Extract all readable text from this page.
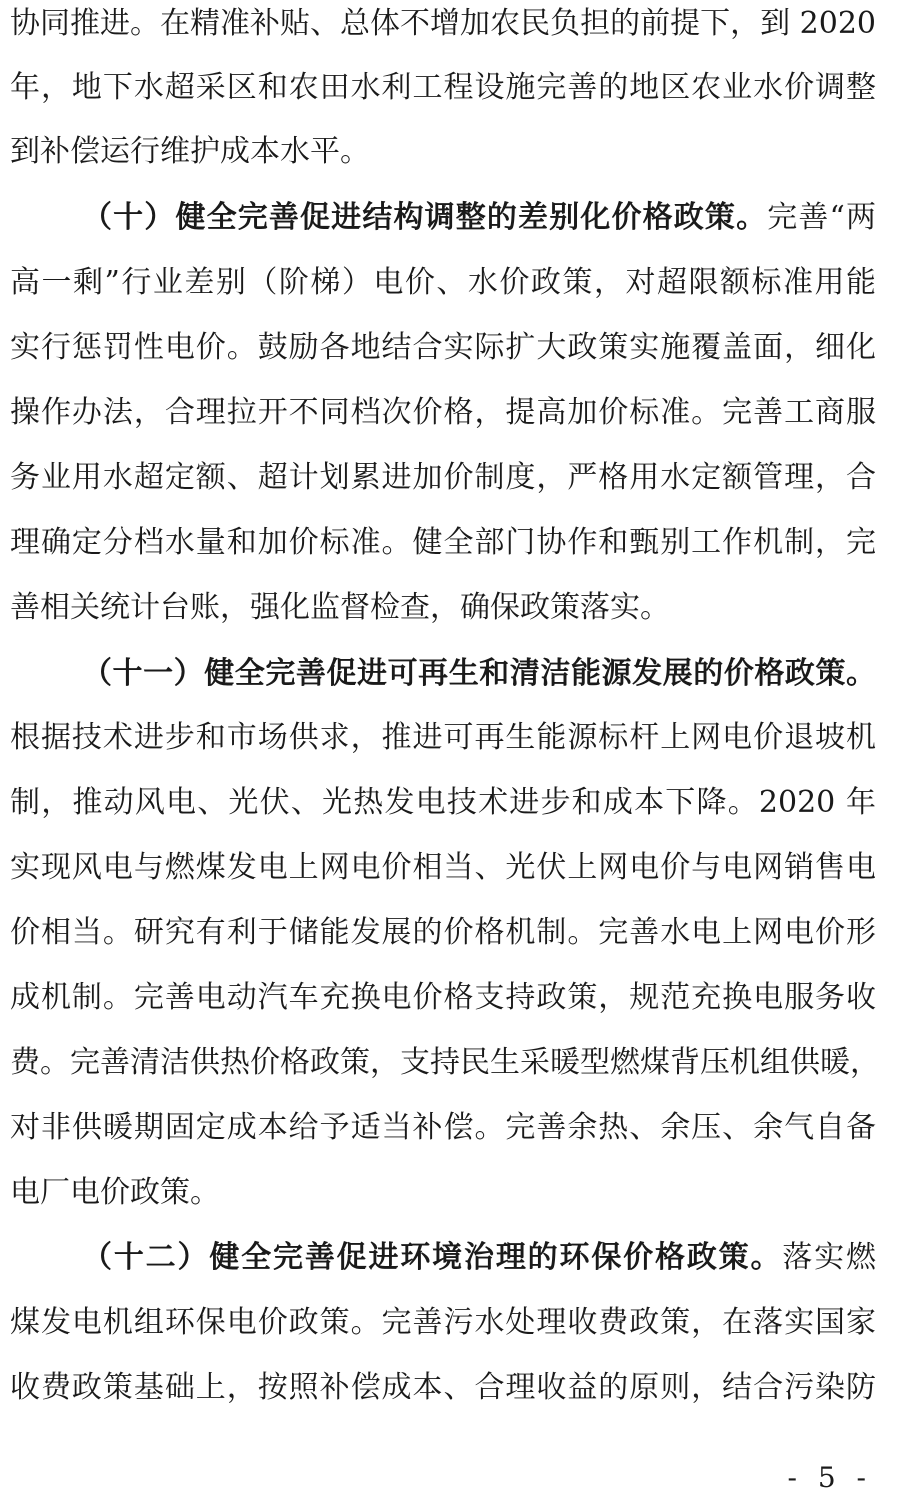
协同推进。在精准补贴、总体不增加农民负担的前提下，到 2020
年，地下水超采区和农田水利工程设施完善的地区农业水价调整
到补偿运行维护成本水平。
（十）健全完善促进结构调整的差别化价格政策。完善“两
高一剩”行业差别（阶梯）电价、水价政策，对超限额标准用能
实行惩罚性电价。鼓励各地结合实际扩大政策实施覆盖面，细化
操作办法，合理拉开不同档次价格，提高加价标准。完善工商服
务业用水超定额、超计划累进加价制度，严格用水定额管理，合
理确定分档水量和加价标准。健全部门协作和甄别工作机制，完
善相关统计台账，强化监督检查，确保政策落实。
（十一）健全完善促进可再生和清洁能源发展的价格政策。
根据技术进步和市场供求，推进可再生能源标杆上网电价退坡机
制，推动风电、光伏、光热发电技术进步和成本下降。2020 年
实现风电与燃煤发电上网电价相当、光伏上网电价与电网销售电
价相当。研究有利于储能发展的价格机制。完善水电上网电价形
成机制。完善电动汽车充换电价格支持政策，规范充换电服务收
费。完善清洁供热价格政策，支持民生采暖型燃煤背压机组供暖，
对非供暖期固定成本给予适当补偿。完善余热、余压、余气自备
电厂电价政策。
（十二）健全完善促进环境治理的环保价格政策。落实燃
煤发电机组环保电价政策。完善污水处理收费政策，在落实国家
收费政策基础上，按照补偿成本、合理收益的原则，结合污染防
- 5 -
